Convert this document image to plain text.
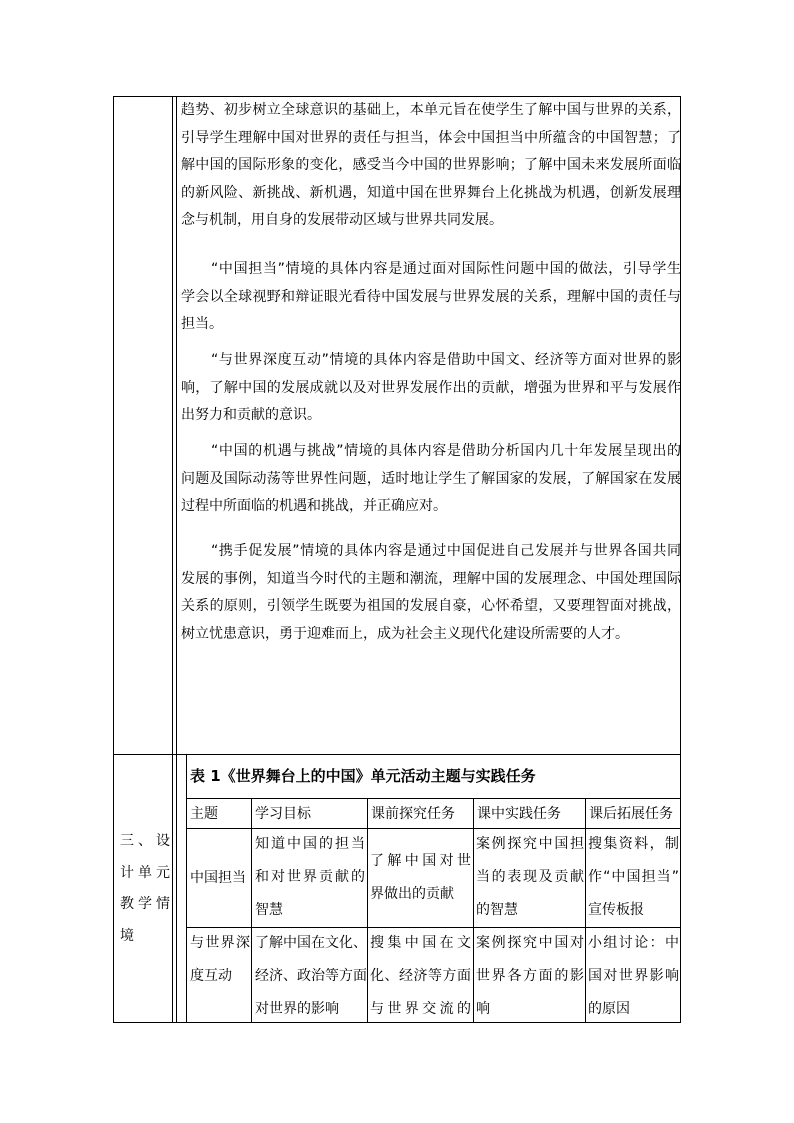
趋势、初步树立全球意识的基础上，本单元旨在使学生了解中国与世界的关系，
引导学生理解中国对世界的责任与担当，体会中国担当中所蕴含的中国智慧；了
解中国的国际形象的变化，感受当今中国的世界影响；了解中国未来发展所面临
的新风险、新挑战、新机遇，知道中国在世界舞台上化挑战为机遇，创新发展理
念与机制，用自身的发展带动区域与世界共同发展。
“中国担当”情境的具体内容是通过面对国际性问题中国的做法，引导学生
学会以全球视野和辩证眼光看待中国发展与世界发展的关系，理解中国的责任与
担当。
“与世界深度互动”情境的具体内容是借助中国文、经济等方面对世界的影
响，了解中国的发展成就以及对世界发展作出的贡献，增强为世界和平与发展作
出努力和贡献的意识。
“中国的机遇与挑战”情境的具体内容是借助分析国内几十年发展呈现出的
问题及国际动荡等世界性问题，适时地让学生了解国家的发展，了解国家在发展
过程中所面临的机遇和挑战，并正确应对。
“携手促发展”情境的具体内容是通过中国促进自己发展并与世界各国共同
发展的事例，知道当今时代的主题和潮流，理解中国的发展理念、中国处理国际
关系的原则，引领学生既要为祖国的发展自豪，心怀希望，又要理智面对挑战，
树立忧患意识，勇于迎难而上，成为社会主义现代化建设所需要的人才。
三、设
计单元
教学情
境
表 1《世界舞台上的中国》单元活动主题与实践任务
主题	学习目标	课前探究任务 课中实践任务 课后拓展任务
中国担当
知道中国的担当
和对世界贡献的
智慧
了解中国对世
界做出的贡献
案例探究中国担
当的表现及贡献
的智慧
搜集资料，制
作“中国担当”
宣传板报
与世界深
度互动
了解中国在文化、
经济、政治等方面
对世界的影响
搜集中国在文
化、经济等方面
与世界交流的
案例探究中国对
世界各方面的影
响
小组讨论：中
国对世界影响
的原因
